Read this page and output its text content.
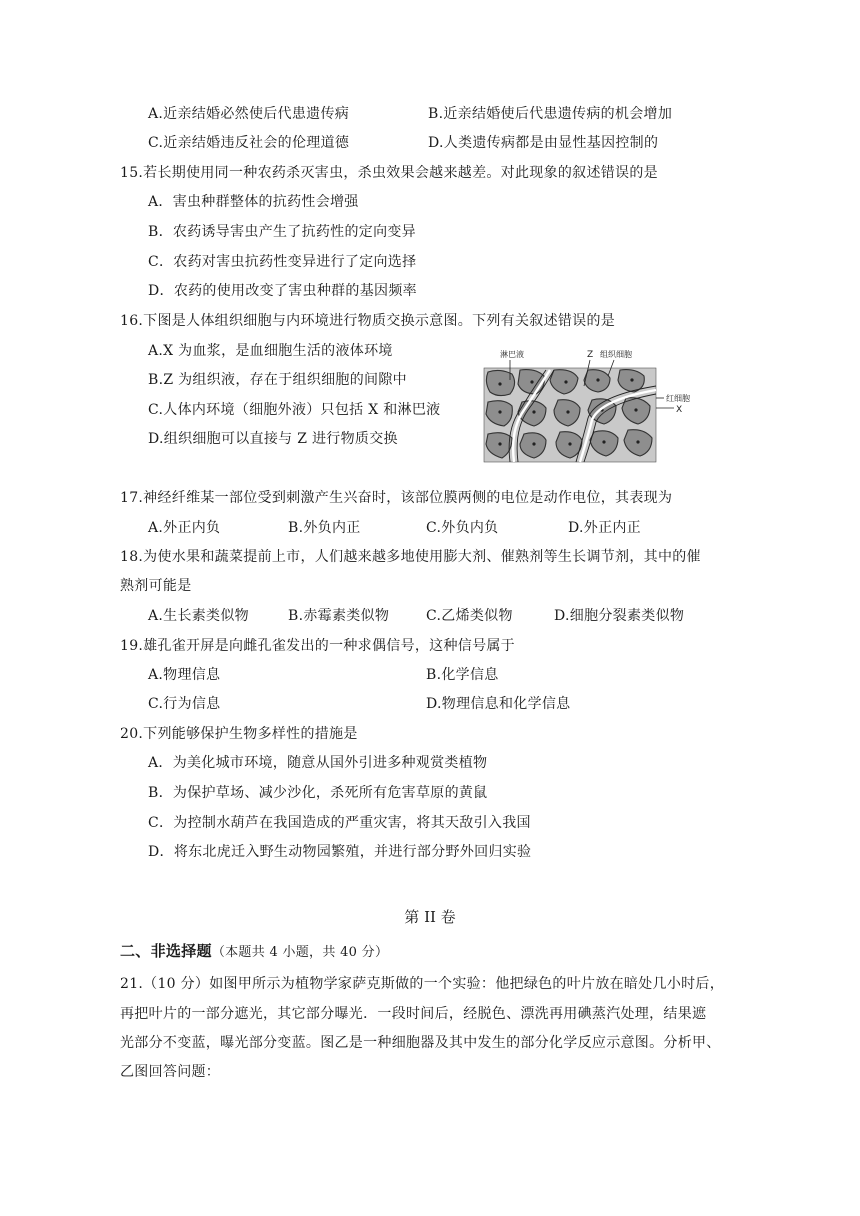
A.近亲结婚必然使后代患遗传病	B.近亲结婚使后代患遗传病的机会增加
C.近亲结婚违反社会的伦理道德	D.人类遗传病都是由显性基因控制的
15.若长期使用同一种农药杀灭害虫，杀虫效果会越来越差。对此现象的叙述错误的是
A．害虫种群整体的抗药性会增强
B．农药诱导害虫产生了抗药性的定向变异
C．农药对害虫抗药性变异进行了定向选择
D．农药的使用改变了害虫种群的基因频率
16.下图是人体组织细胞与内环境进行物质交换示意图。下列有关叙述错误的是
A.X 为血浆，是血细胞生活的液体环境
B.Z 为组织液，存在于组织细胞的间隙中
C.人体内环境（细胞外液）只包括 X 和淋巴液
D.组织细胞可以直接与 Z 进行物质交换
淋巴液	Z 组织细胞
红细胞
X
17.神经纤维某一部位受到刺激产生兴奋时，该部位膜两侧的电位是动作电位，其表现为
A.外正内负	B.外负内正	C.外负内负	D.外正内正
18.为使水果和蔬菜提前上市，人们越来越多地使用膨大剂、催熟剂等生长调节剂，其中的催
熟剂可能是
A.生长素类似物	B.赤霉素类似物	C.乙烯类似物	D.细胞分裂素类似物
19.雄孔雀开屏是向雌孔雀发出的一种求偶信号，这种信号属于
A.物理信息	B.化学信息
C.行为信息	D.物理信息和化学信息
20.下列能够保护生物多样性的措施是
A．为美化城市环境，随意从国外引进多种观赏类植物
B．为保护草场、减少沙化，杀死所有危害草原的黄鼠
C．为控制水葫芦在我国造成的严重灾害，将其天敌引入我国
D．将东北虎迁入野生动物园繁殖，并进行部分野外回归实验
第 II 卷
二、非选择题（本题共 4 小题，共 40 分）
21.（10 分）如图甲所示为植物学家萨克斯做的一个实验：他把绿色的叶片放在暗处几小时后，
再把叶片的一部分遮光，其它部分曝光．一段时间后，经脱色、漂洗再用碘蒸汽处理，结果遮
光部分不变蓝，曝光部分变蓝。图乙是一种细胞器及其中发生的部分化学反应示意图。分析甲、
乙图回答问题：
